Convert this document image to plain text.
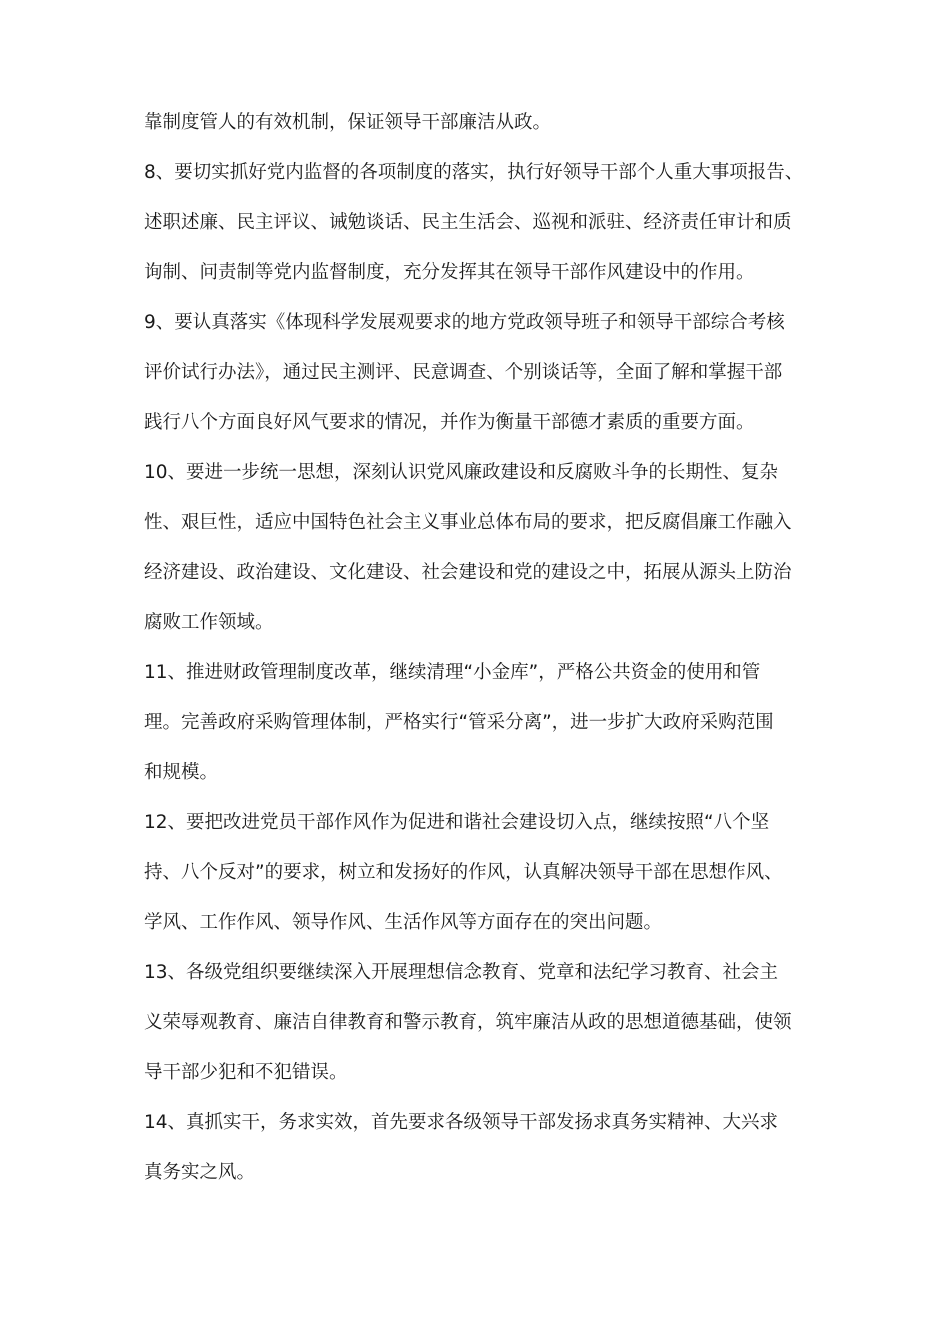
靠制度管人的有效机制，保证领导干部廉洁从政。
8、要切实抓好党内监督的各项制度的落实，执行好领导干部个人重大事项报告、
述职述廉、民主评议、诫勉谈话、民主生活会、巡视和派驻、经济责任审计和质
询制、问责制等党内监督制度，充分发挥其在领导干部作风建设中的作用。
9、要认真落实《体现科学发展观要求的地方党政领导班子和领导干部综合考核
评价试行办法》，通过民主测评、民意调查、个别谈话等，全面了解和掌握干部
践行八个方面良好风气要求的情况，并作为衡量干部德才素质的重要方面。
10、要进一步统一思想，深刻认识党风廉政建设和反腐败斗争的长期性、复杂
性、艰巨性，适应中国特色社会主义事业总体布局的要求，把反腐倡廉工作融入
经济建设、政治建设、文化建设、社会建设和党的建设之中，拓展从源头上防治
腐败工作领域。
11、推进财政管理制度改革，继续清理“小金库”，严格公共资金的使用和管
理。完善政府采购管理体制，严格实行“管采分离”，进一步扩大政府采购范围
和规模。
12、要把改进党员干部作风作为促进和谐社会建设切入点，继续按照“八个坚
持、八个反对”的要求，树立和发扬好的作风，认真解决领导干部在思想作风、
学风、工作作风、领导作风、生活作风等方面存在的突出问题。
13、各级党组织要继续深入开展理想信念教育、党章和法纪学习教育、社会主
义荣辱观教育、廉洁自律教育和警示教育，筑牢廉洁从政的思想道德基础，使领
导干部少犯和不犯错误。
14、真抓实干，务求实效，首先要求各级领导干部发扬求真务实精神、大兴求
真务实之风。
